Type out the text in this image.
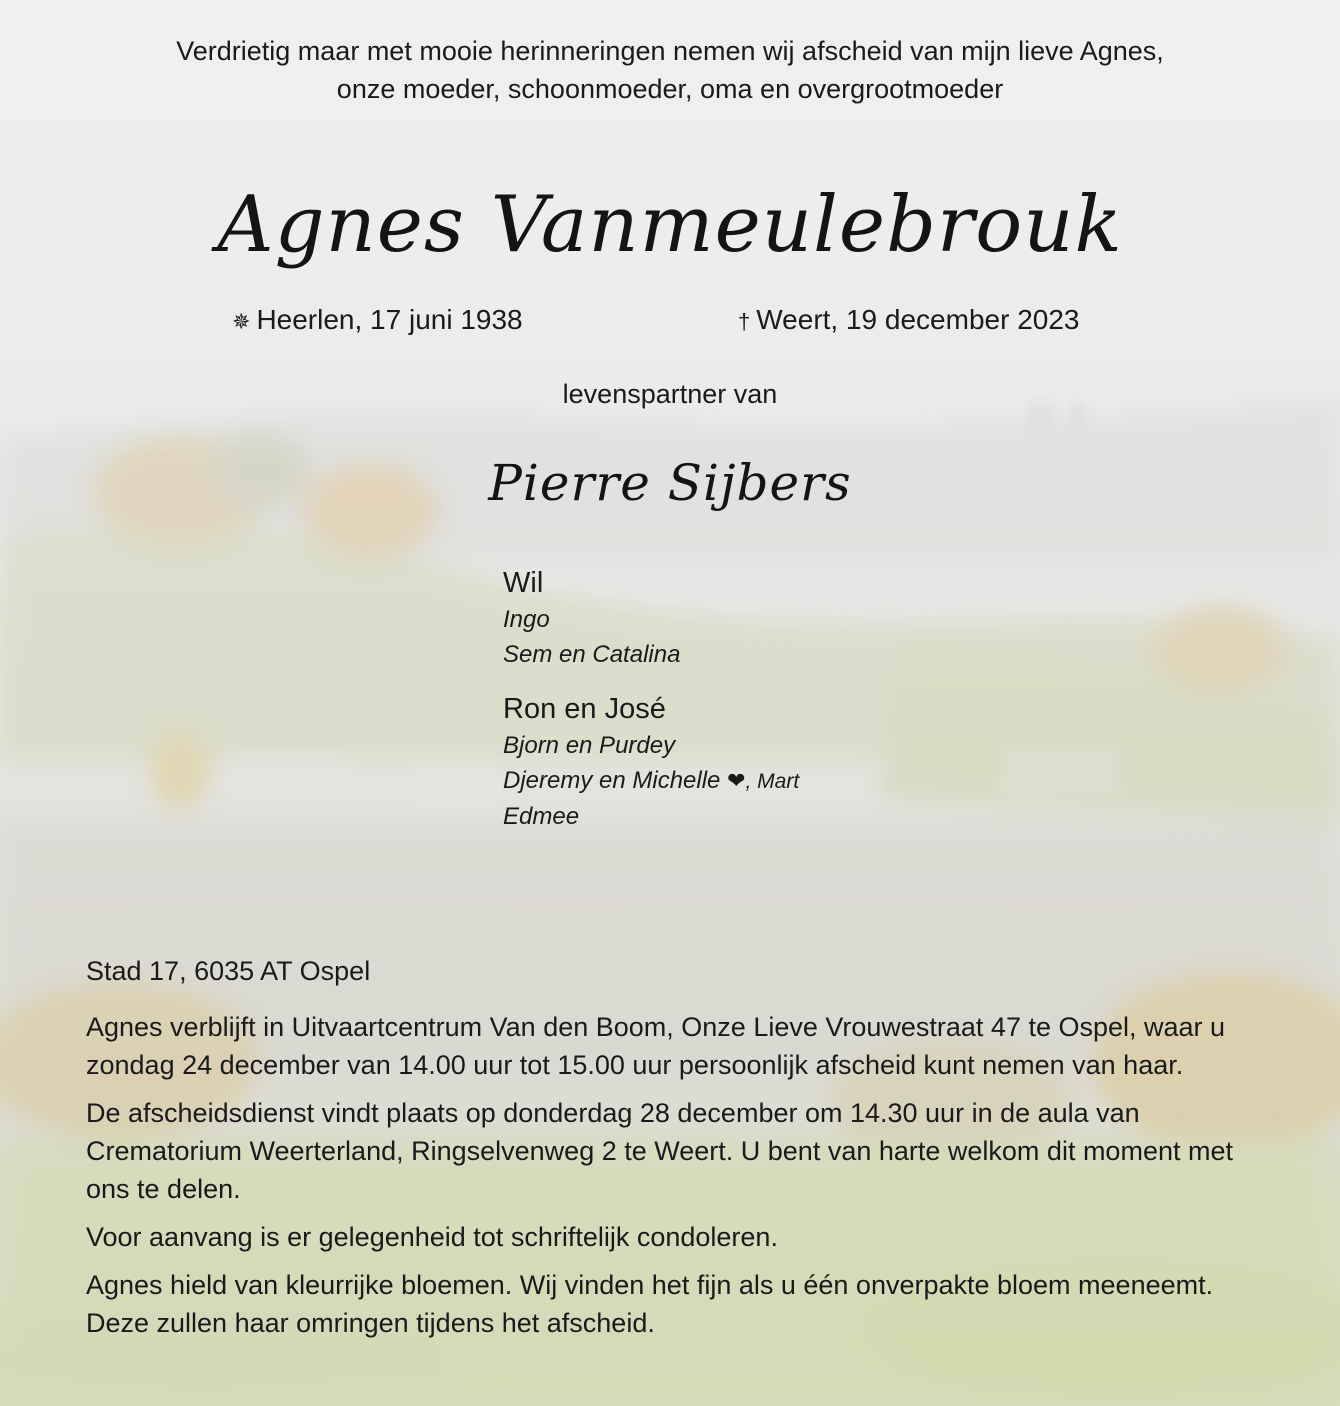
Verdrietig maar met mooie herinneringen nemen wij afscheid van mijn lieve Agnes,
onze moeder, schoonmoeder, oma en overgrootmoeder
Agnes Vanmeulebrouk
✵ Heerlen, 17 juni 1938	† Weert, 19 december 2023
levenspartner van
Pierre Sijbers
Wil
Ingo
Sem en Catalina
Ron en José
Bjorn en Purdey
Djeremy en Michelle ❤, Mart
Edmee

Stad 17, 6035 AT Ospel

Agnes verblijft in Uitvaartcentrum Van den Boom, Onze Lieve Vrouwestraat 47 te Ospel, waar u zondag 24 december van 14.00 uur tot 15.00 uur persoonlijk afscheid kunt nemen van haar.

De afscheidsdienst vindt plaats op donderdag 28 december om 14.30 uur in de aula van Crematorium Weerterland, Ringselvenweg 2 te Weert. U bent van harte welkom dit moment met ons te delen.

Voor aanvang is er gelegenheid tot schriftelijk condoleren.

Agnes hield van kleurrijke bloemen. Wij vinden het fijn als u één onverpakte bloem meeneemt. Deze zullen haar omringen tijdens het afscheid.
